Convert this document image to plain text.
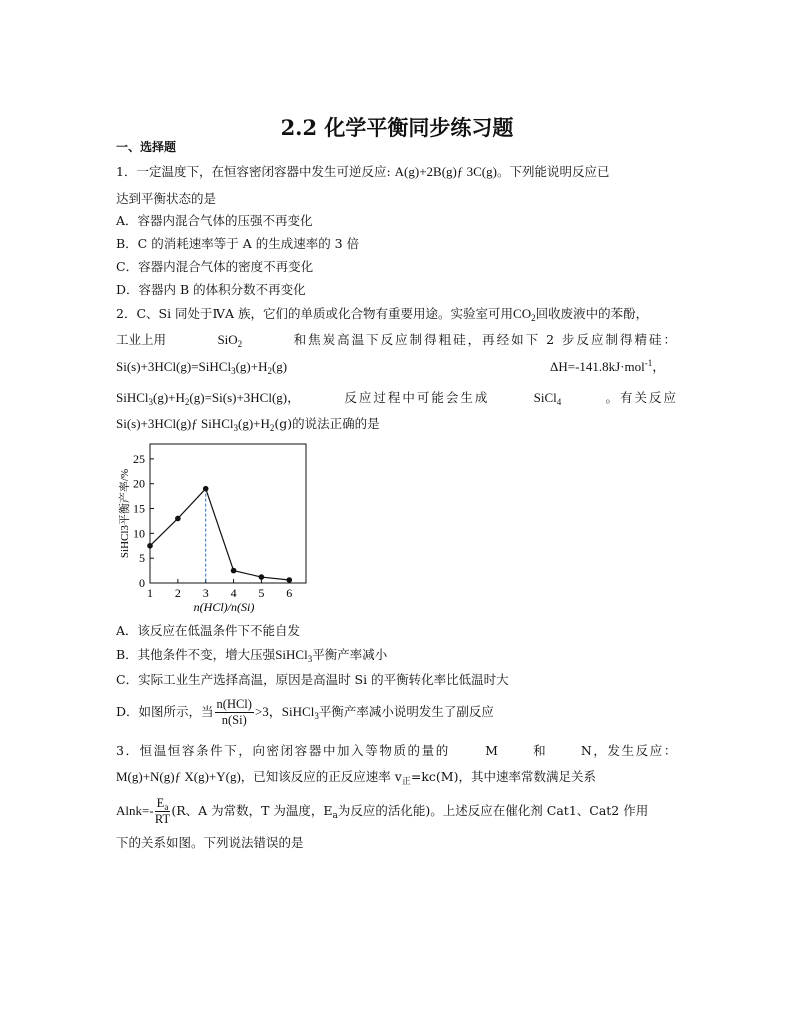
2.2 化学平衡同步练习题
一、选择题
1．一定温度下，在恒容密闭容器中发生可逆反应: A(g)+2B(g)ƒ 3C(g)。下列能说明反应已
达到平衡状态的是
A．容器内混合气体的压强不再变化
B．C 的消耗速率等于 A 的生成速率的 3 倍
C．容器内混合气体的密度不再变化
D．容器内 B 的体积分数不再变化
2．C、Si 同处于ⅣA 族，它们的单质或化合物有重要用途。实验室可用$CO_2$回收废液中的苯酚，
工业上用	SiO$_2$	和焦炭高温下反应制得粗硅，再经如下 2 步反应制得精硅：
$Si(s)+3HCl(g)=SiHCl_3(g)+H_2(g)$	ΔH=-141.8kJ·mol$^{-1}$，
$SiHCl_3(g)+H_2(g)=Si(s)+3HCl(g)$，	反应过程中可能会生成	SiCl$_4$	。有关反应
Si(s)+3HCl(g)ƒ $SiHCl_3(g)+H_2(g)$的说法正确的是
0
5
10
15
20
25
1 2 3 4 5 6
n(HCl)/n(Si)
SiHCl3平衡产率/%
A．该反应在低温条件下不能自发
B．其他条件不变，增大压强SiHCl$_3$平衡产率减小
C．实际工业生产选择高温，原因是高温时 Si 的平衡转化率比低温时大
D．如图所示，当 $\frac{\text{n(HCl)}}{n(Si)} >3$，SiHCl$_3$平衡产率减小说明发生了副反应
3．恒温恒容条件下，向密闭容器中加入等物质的量的	M	和	N，发生反应：
M(g)+N(g)ƒ X(g)+Y(g)，已知该反应的正反应速率 $v_正=kc(M)$，其中速率常数满足关系
$Alnk=- \frac{E_a}{RT} (R$、A 为常数，T 为温度，$E_a$为反应的活化能)。上述反应在催化剂 Cat1、Cat2 作用
下的关系如图。下列说法错误的是
